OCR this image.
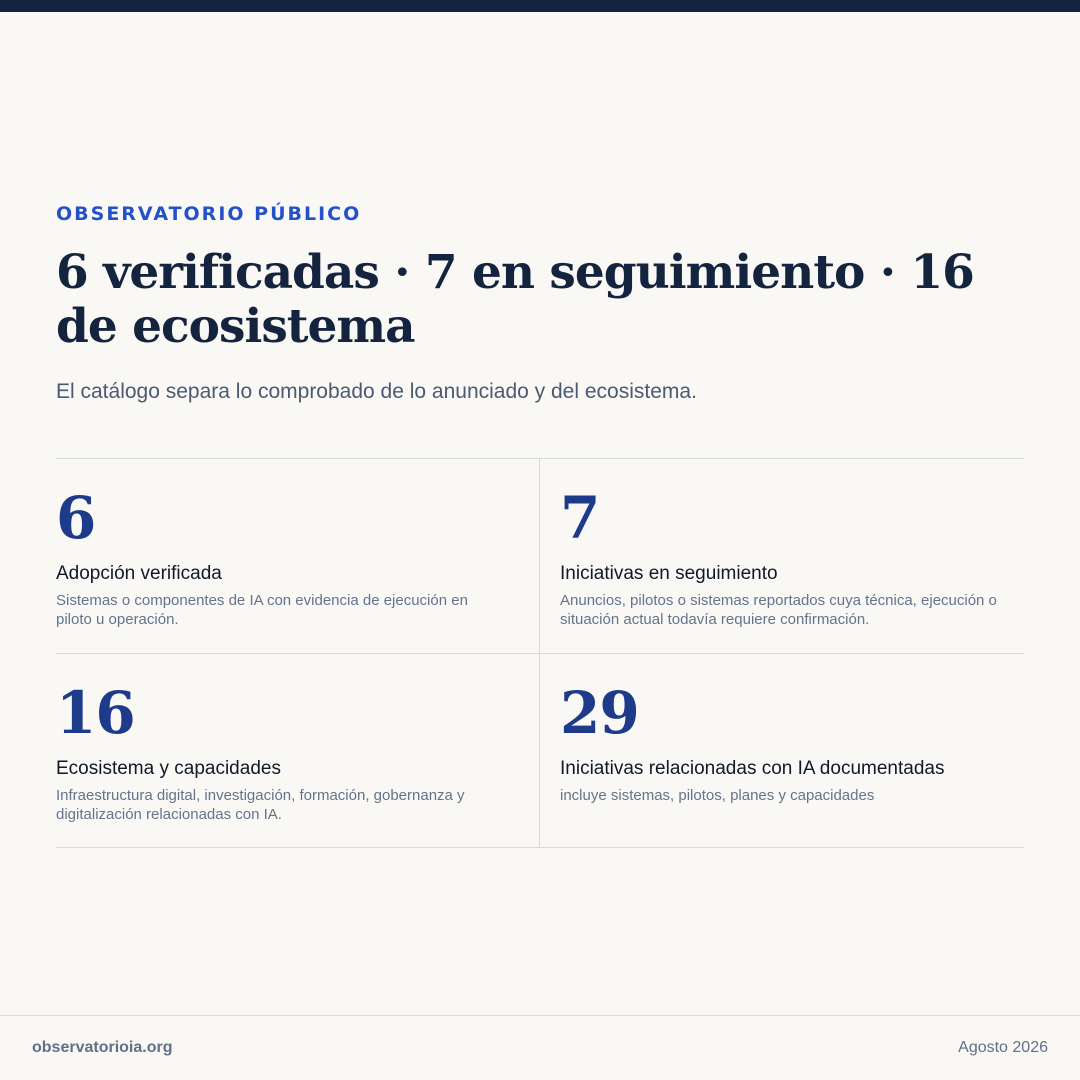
OBSERVATORIO PÚBLICO
6 verificadas · 7 en seguimiento · 16 de ecosistema
El catálogo separa lo comprobado de lo anunciado y del ecosistema.
6
Adopción verificada
Sistemas o componentes de IA con evidencia de ejecución en piloto u operación.
7
Iniciativas en seguimiento
Anuncios, pilotos o sistemas reportados cuya técnica, ejecución o situación actual todavía requiere confirmación.
16
Ecosistema y capacidades
Infraestructura digital, investigación, formación, gobernanza y digitalización relacionadas con IA.
29
Iniciativas relacionadas con IA documentadas
incluye sistemas, pilotos, planes y capacidades
observatorioia.org	Agosto 2026
